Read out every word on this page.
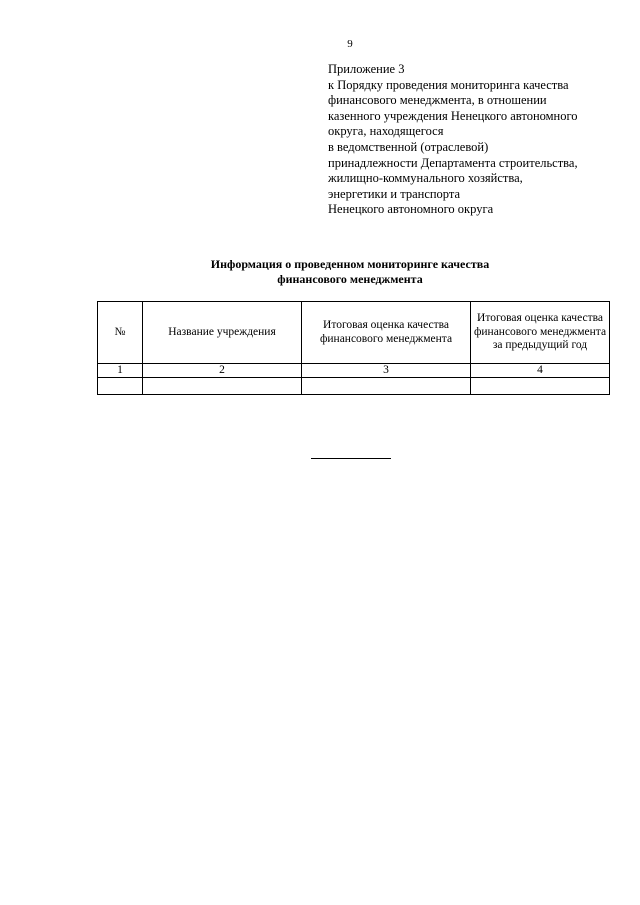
9
Приложение 3
к Порядку проведения мониторинга качества
финансового менеджмента, в отношении
казенного учреждения Ненецкого автономного
округа, находящегося
в ведомственной (отраслевой)
принадлежности Департамента строительства,
жилищно-коммунального хозяйства,
энергетики и транспорта
Ненецкого автономного округа
Информация о проведенном мониторинге качества
финансового менеджмента
№	Название учреждения	Итоговая оценка качества финансового менеджмента	Итоговая оценка качества финансового менеджмента за предыдущий год
1	2	3	4
